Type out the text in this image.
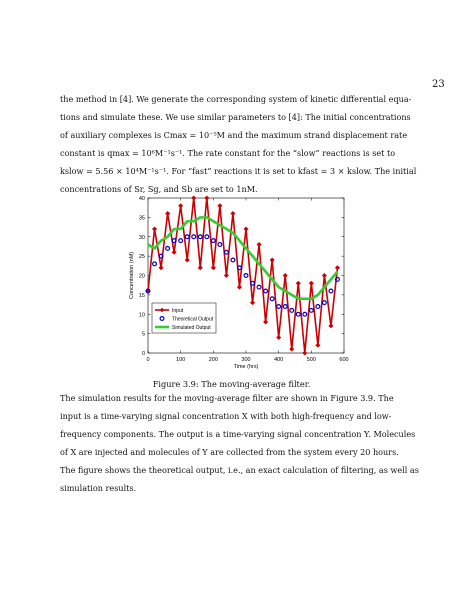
23
the method in [4]. We generate the corresponding system of kinetic differential equa-
tions and simulate these. We use similar parameters to [4]: The initial concentrations
of auxiliary complexes is Cmax = 10⁻⁵M and the maximum strand displacement rate
constant is qmax = 10⁶M⁻¹s⁻¹. The rate constant for the “slow” reactions is set to
kslow = 5.56 × 10⁴M⁻¹s⁻¹. For “fast” reactions it is set to kfast = 3 × kslow. The initial
concentrations of Sr, Sg, and Sb are set to 1nM.
0	100	200	300	400	500	600
0
5
10
15
20
25
30
35
40
Time (hrs)
Concentration (nM)
Input
Theoretical Output
Simulated Output
Figure 3.9: The moving-average filter.
The simulation results for the moving-average filter are shown in Figure 3.9. The
input is a time-varying signal concentration X with both high-frequency and low-
frequency components. The output is a time-varying signal concentration Y. Molecules
of X are injected and molecules of Y are collected from the system every 20 hours.
The figure shows the theoretical output, i.e., an exact calculation of filtering, as well as
simulation results.
